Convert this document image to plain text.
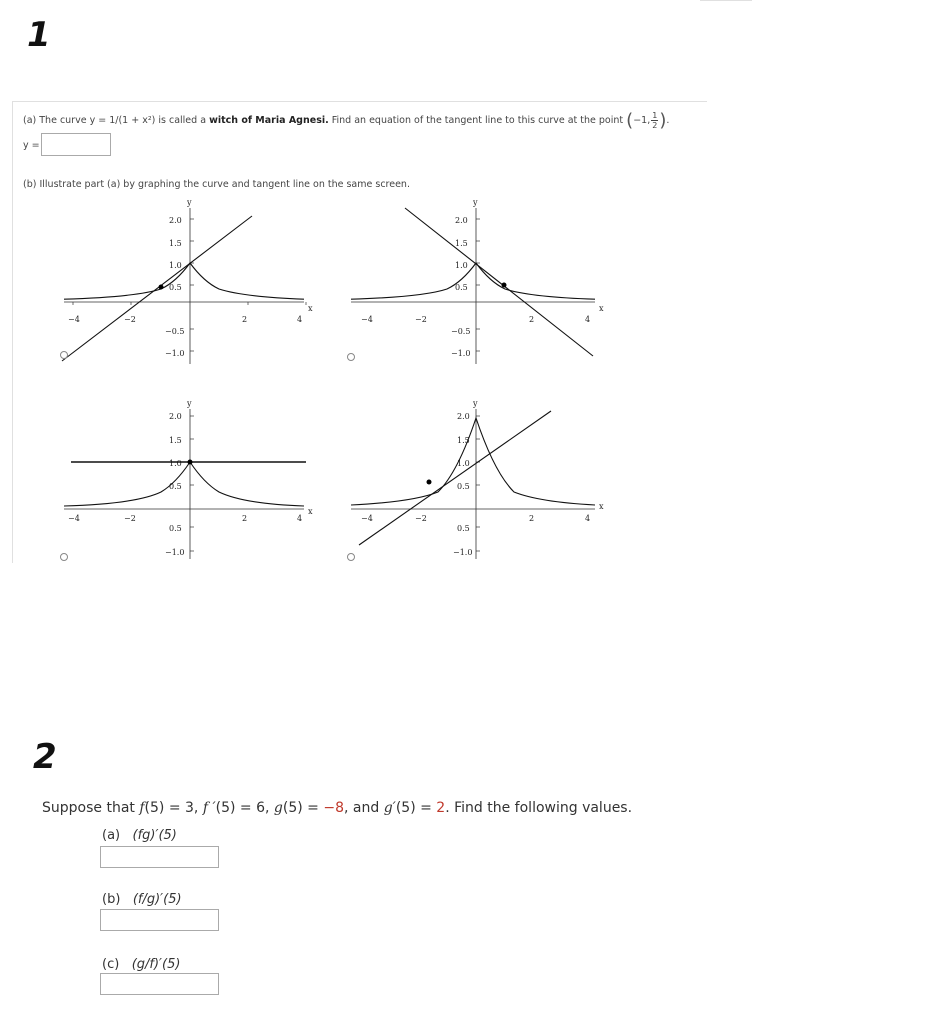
1
(a) The curve y = 1/(1 + x²) is called a witch of Maria Agnesi. Find an equation of the tangent line to this curve at the point (−1, $\frac{1}{2}$ ).
y =
(b) Illustrate part (a) by graphing the curve and tangent line on the same screen.
x
y
−4	−2	2	4
2.0
1.5
1.0
0.5
−0.5
−1.0
x
y
−4	−2	2	4
2.0
1.5
1.0
0.5
−0.5
−1.0
x
y
−4	−2	2	4
2.0
1.5
1.0
0.5
0.5
−1.0
x
y
−4	−2	2	4
2.0
1.5
1.0
0.5
0.5
−1.0
2
Suppose that f(5) = 3, f ′(5) = 6, g(5) = −8, and g′(5) = 2. Find the following values.
(a) (fg)′(5)
(b) (f/g)′(5)
(c) (g/f)′(5)
